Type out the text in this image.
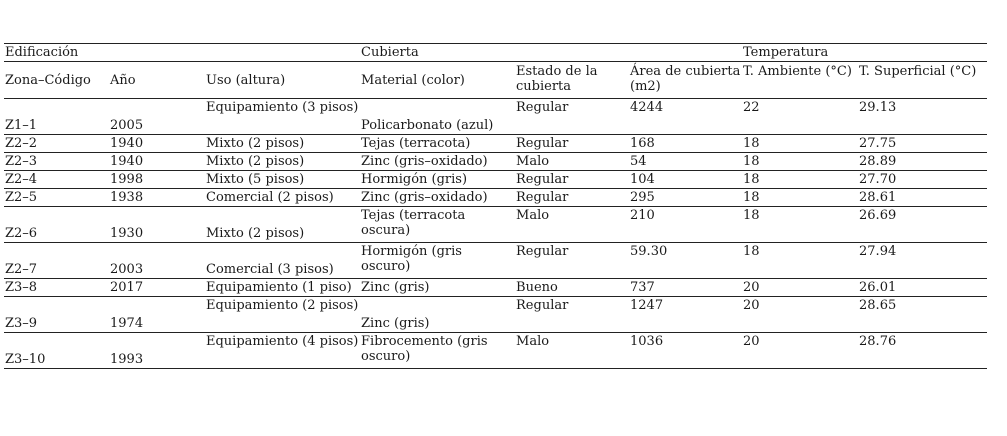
Edificación			Cubierta			Temperatura	
Zona–Código	Año	Uso (altura)	Material (color)	Estado de la cubierta	Área de cubierta (m2)	T. Ambiente (°C)	T. Superficial (°C)
Z1–1	2005	Equipamiento (3 pisos)	Policarbonato (azul)	Regular	4244	22	29.13
Z2–2	1940	Mixto (2 pisos)	Tejas (terracota)	Regular	168	18	27.75
Z2–3	1940	Mixto (2 pisos)	Zinc (gris–oxidado)	Malo	54	18	28.89
Z2–4	1998	Mixto (5 pisos)	Hormigón (gris)	Regular	104	18	27.70
Z2–5	1938	Comercial (2 pisos)	Zinc (gris–oxidado)	Regular	295	18	28.61
Z2–6	1930	Mixto (2 pisos)	Tejas (terracota oscura)	Malo	210	18	26.69
Z2–7	2003	Comercial (3 pisos)	Hormigón (gris oscuro)	Regular	59.30	18	27.94
Z3–8	2017	Equipamiento (1 piso)	Zinc (gris)	Bueno	737	20	26.01
Z3–9	1974	Equipamiento (2 pisos)	Zinc (gris)	Regular	1247	20	28.65
Z3–10	1993	Equipamiento (4 pisos)	Fibrocemento (gris oscuro)	Malo	1036	20	28.76
